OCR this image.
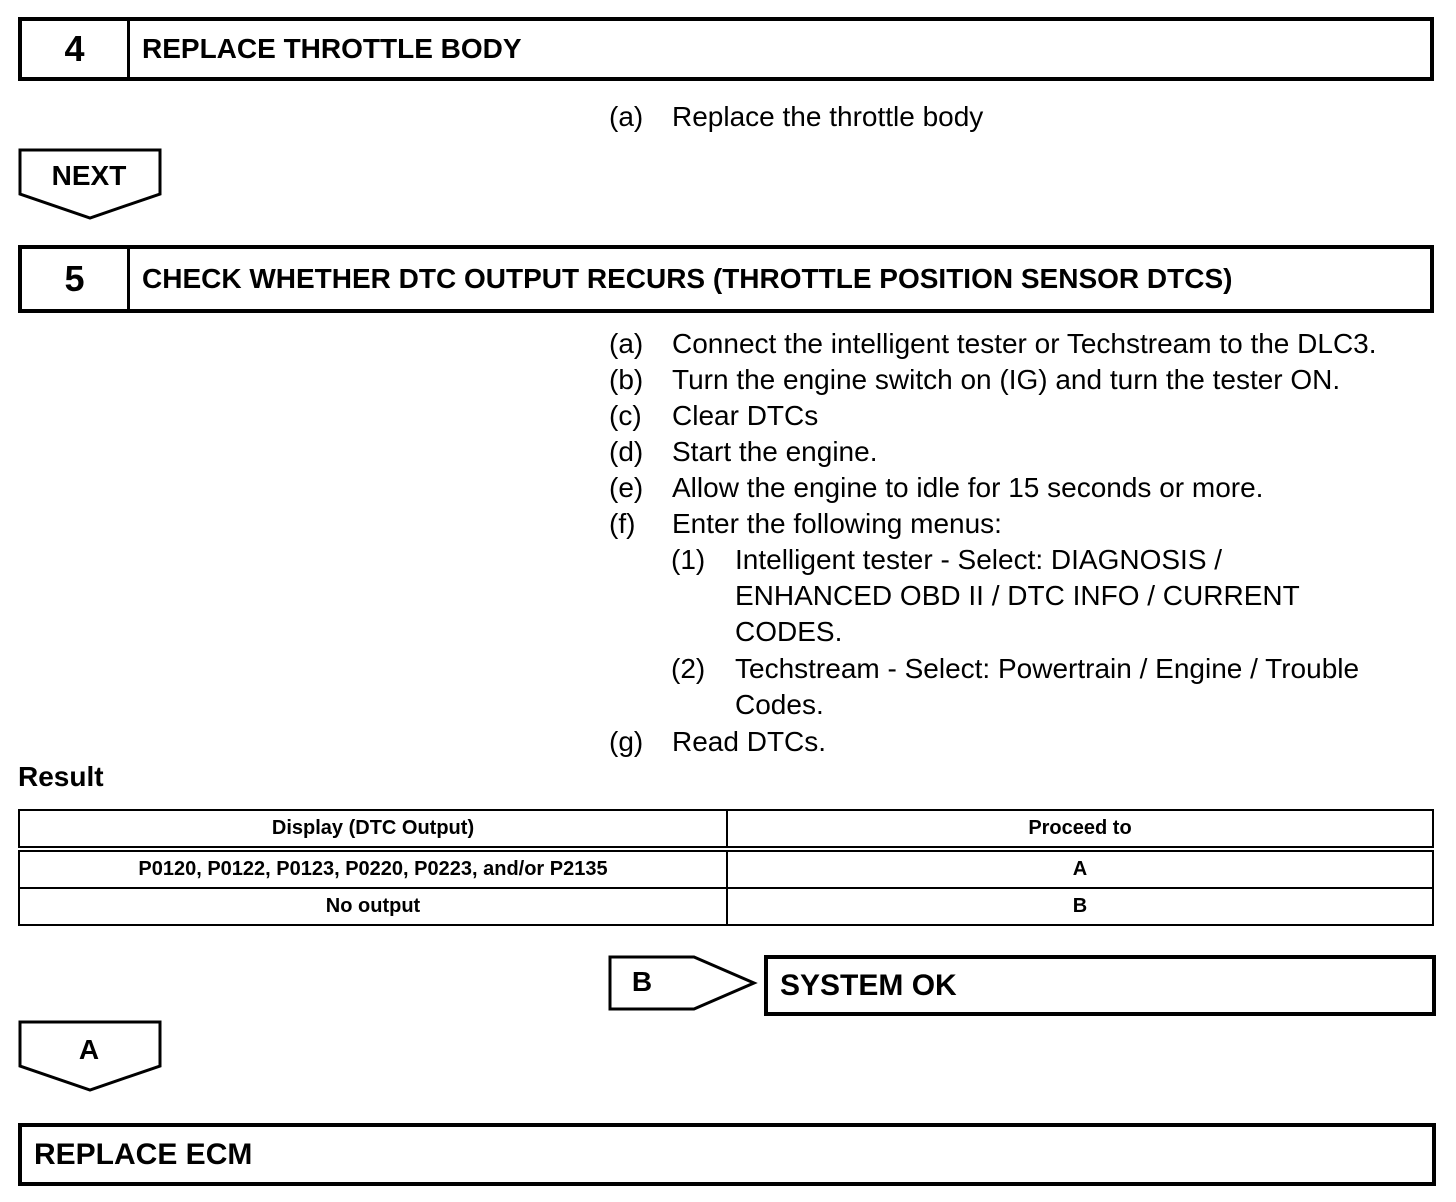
4	REPLACE THROTTLE BODY
(a) Replace the throttle body
NEXT
5	CHECK WHETHER DTC OUTPUT RECURS (THROTTLE POSITION SENSOR DTCS)
(a) Connect the intelligent tester or Techstream to the DLC3.
(b) Turn the engine switch on (IG) and turn the tester ON.
(c) Clear DTCs
(d) Start the engine.
(e) Allow the engine to idle for 15 seconds or more.
(f) Enter the following menus:
(1) Intelligent tester - Select: DIAGNOSIS /
ENHANCED OBD II / DTC INFO / CURRENT
CODES.
(2) Techstream - Select: Powertrain / Engine / Trouble
Codes.
(g) Read DTCs.
Result
Display (DTC Output)	Proceed to
P0120, P0122, P0123, P0220, P0223, and/or P2135	A
No output	B
B	SYSTEM OK
A
REPLACE ECM
